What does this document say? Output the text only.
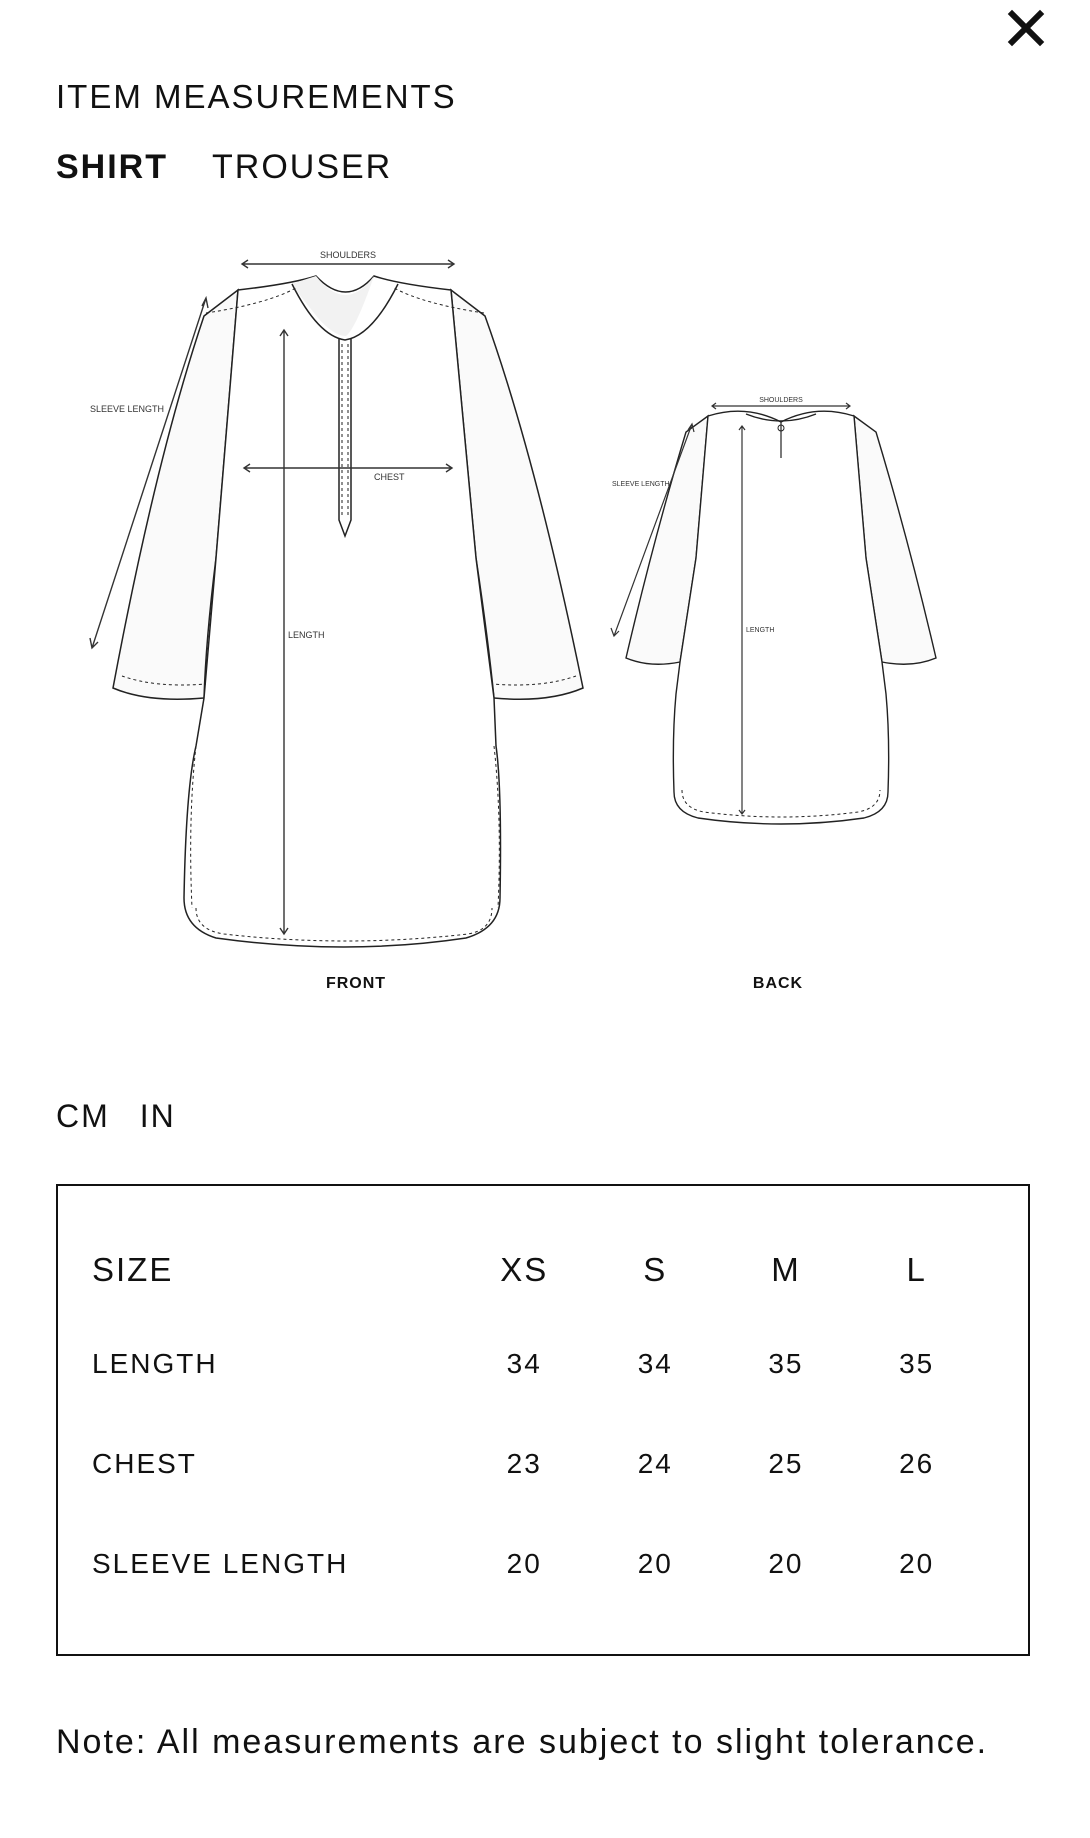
ITEM MEASUREMENTS
SHIRT TROUSER
SHOULDERS
SLEEVE LENGTH
CHEST
LENGTH
FRONT
SHOULDERS
SLEEVE LENGTH
LENGTH
BACK
CM IN
SIZE	XS	S	M	L
LENGTH	34	34	35	35
CHEST	23	24	25	26
SLEEVE LENGTH	20	20	20	20
Note: All measurements are subject to slight tolerance.
